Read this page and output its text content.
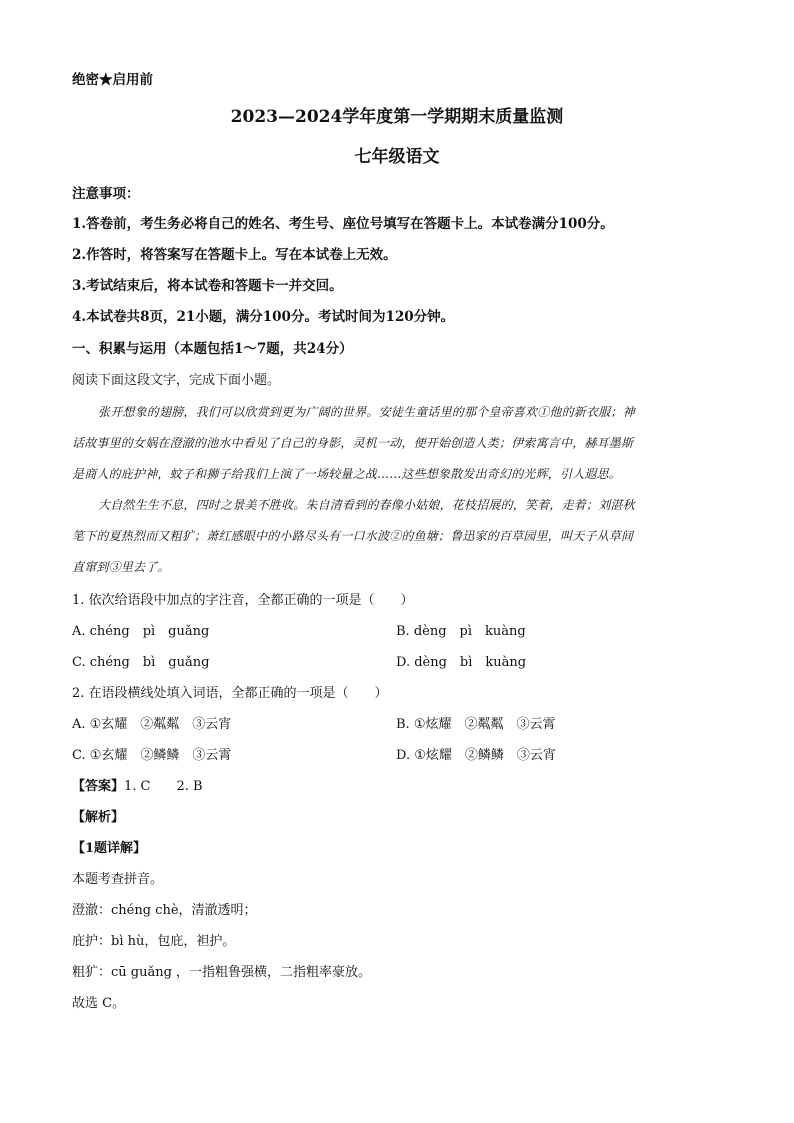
绝密★启用前
2023—2024学年度第一学期期末质量监测
七年级语文
注意事项：
1.答卷前，考生务必将自己的姓名、考生号、座位号填写在答题卡上。本试卷满分100分。
2.作答时，将答案写在答题卡上。写在本试卷上无效。
3.考试结束后，将本试卷和答题卡一并交回。
4.本试卷共8页，21小题，满分100分。考试时间为120分钟。
一、积累与运用（本题包括1～7题，共24分）
阅读下面这段文字，完成下面小题。
张开想象的翅膀，我们可以欣赏到更为广阔的世界。安徒生童话里的那个皇帝喜欢①他的新衣服；神
话故事里的女娲在澄澈的池水中看见了自己的身影，灵机一动，便开始创造人类；伊索寓言中，赫耳墨斯
是商人的庇护神，蚊子和狮子给我们上演了一场较量之战……这些想象散发出奇幻的光辉，引人遐思。
大自然生生不息，四时之景美不胜收。朱自清看到的春像小姑娘，花枝招展的，笑着，走着；刘湛秋
笔下的夏热烈而又粗犷；萧红感眼中的小路尽头有一口水波②的鱼塘；鲁迅家的百草园里，叫天子从草间
直窜到③里去了。
1. 依次给语段中加点的字注音，全都正确的一项是（　　）
A. chéng　pì　guǎng	B. dèng　pì　kuàng
C. chéng　bì　guǎng	D. dèng　bì　kuàng
2. 在语段横线处填入词语，全都正确的一项是（　　）
A. ①玄耀　②粼粼　③云宵	B. ①炫耀　②粼粼　③云霄
C. ①玄耀　②鳞鳞　③云霄	D. ①炫耀　②鳞鳞　③云宵
【答案】1. C　　2. B
【解析】
【1题详解】
本题考查拼音。
澄澈：chéng chè，清澈透明；
庇护：bì hù，包庇，袒护。
粗犷：cū guǎng ，一指粗鲁强横，二指粗率豪放。
故选 C。
